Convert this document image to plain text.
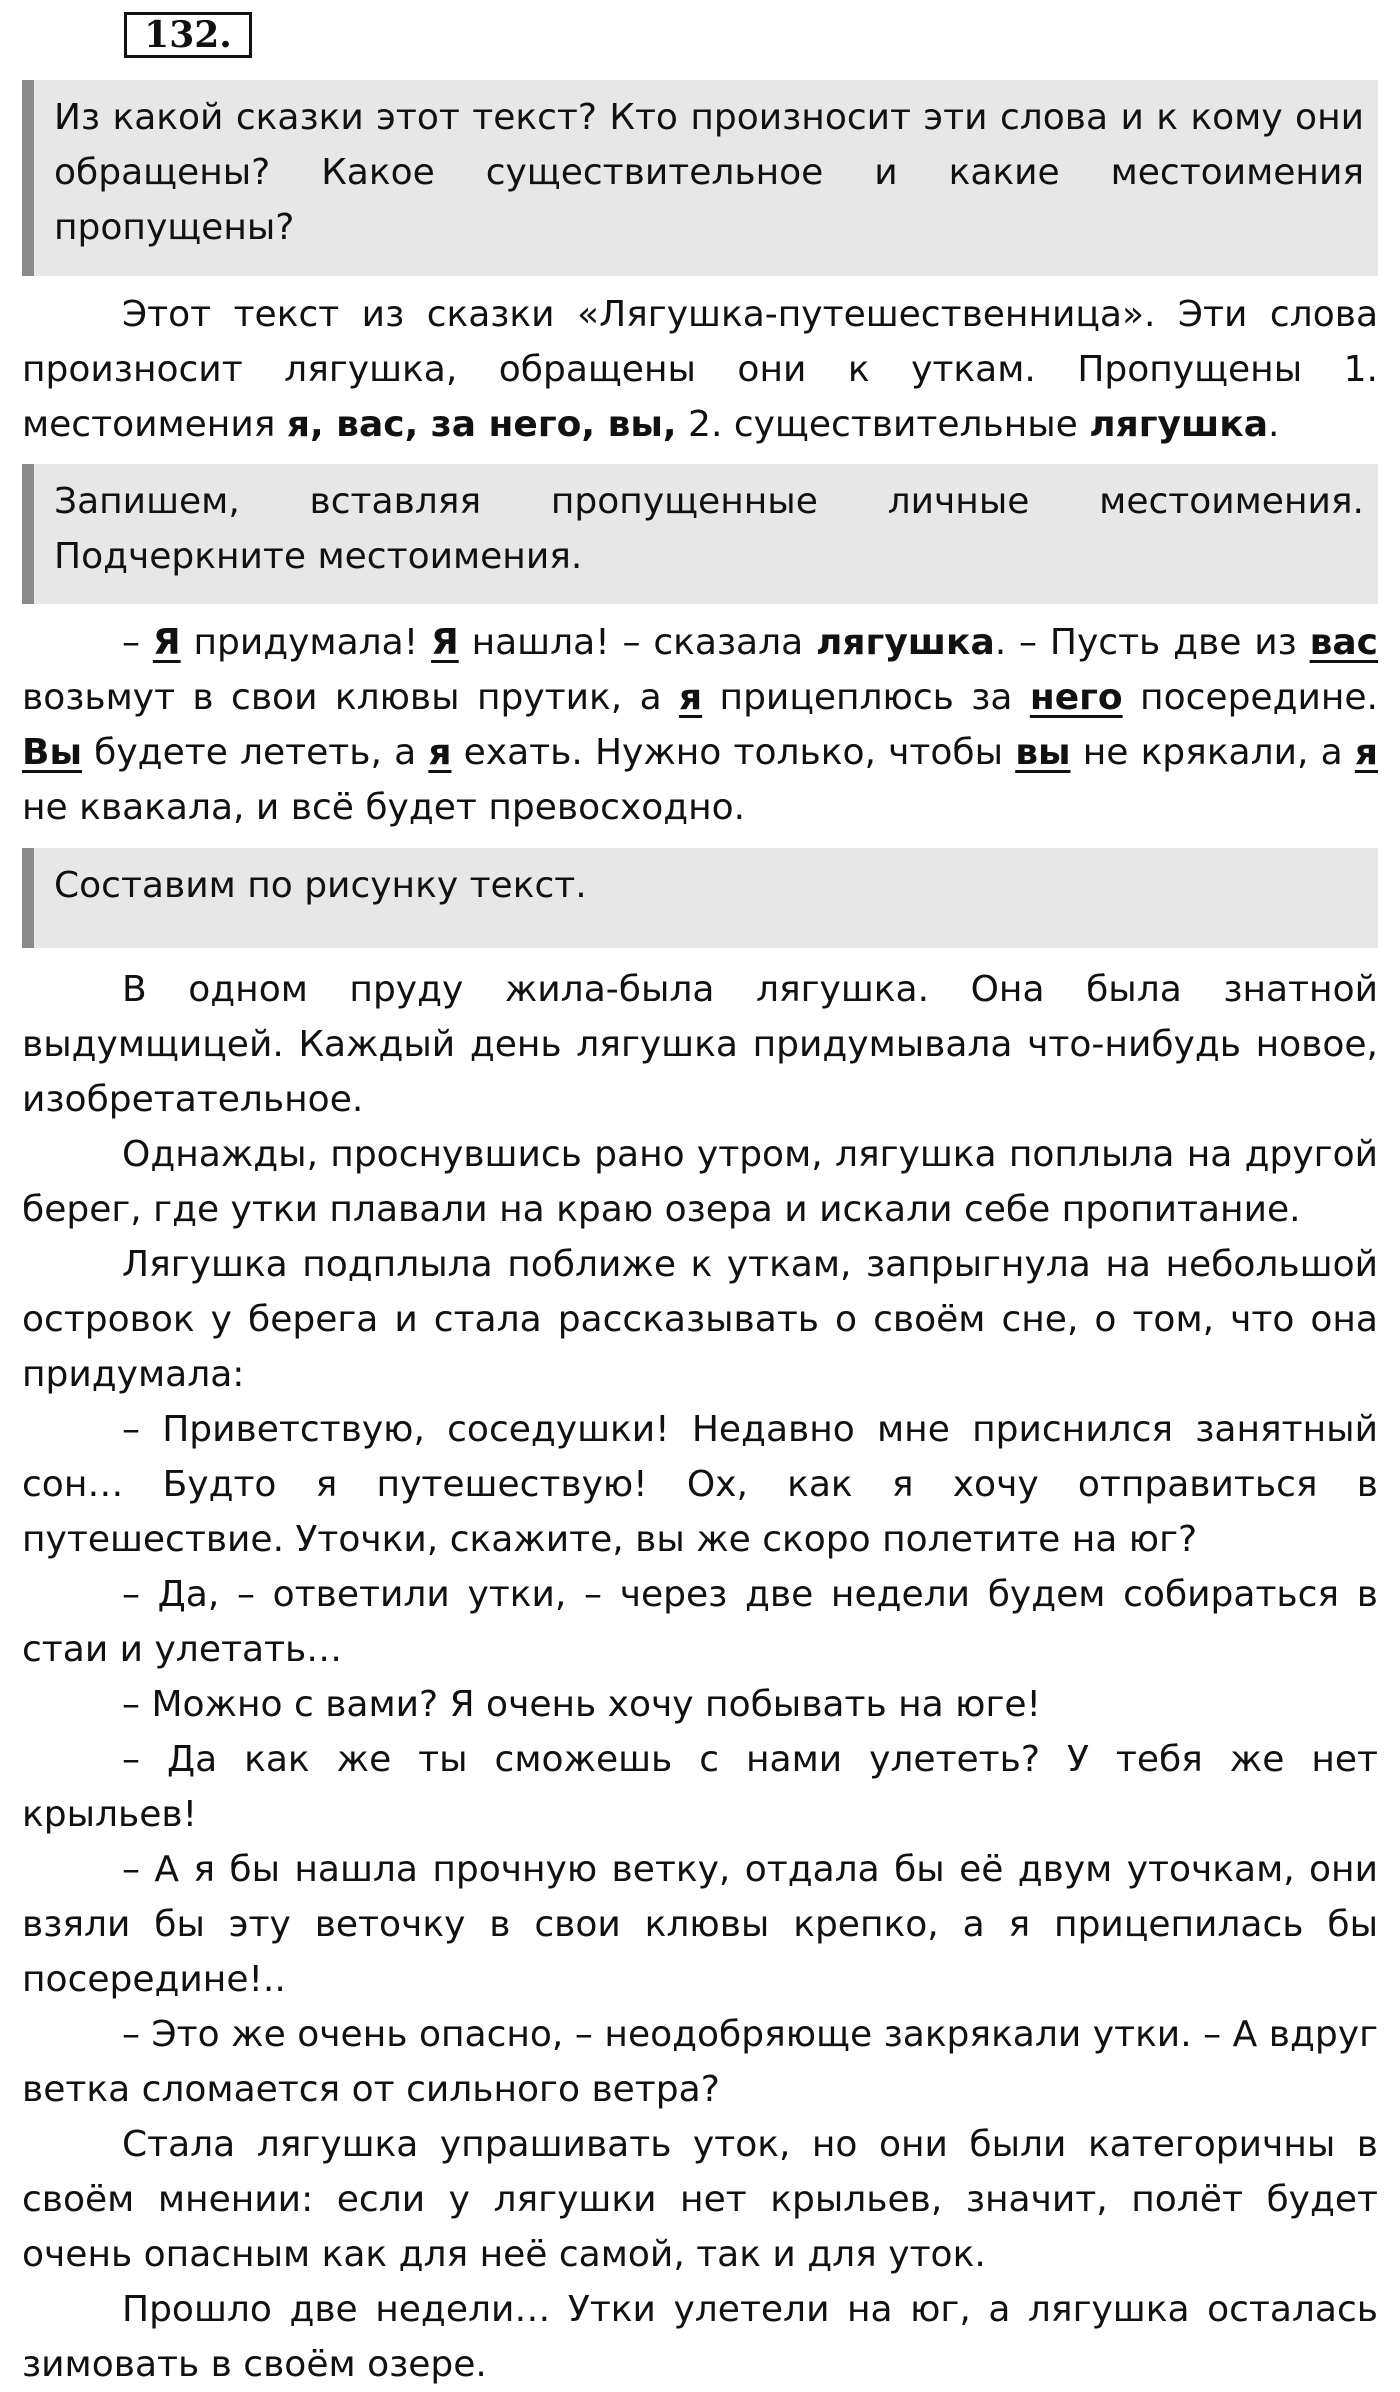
132.

Из какой сказки этот текст? Кто произносит эти слова и к кому они обращены? Какое существительное и какие местоимения пропущены?

Этот текст из сказки «Лягушка-путешественница». Эти слова произносит лягушка, обращены они к уткам. Пропущены 1. местоимения я, вас, за него, вы, 2. существительные лягушка.

Запишем, вставляя пропущенные личные местоимения. Подчеркните местоимения.

– Я придумала! Я нашла! – сказала лягушка. – Пусть две из вас возьмут в свои клювы прутик, а я прицеплюсь за него посередине. Вы будете лететь, а я ехать. Нужно только, чтобы вы не крякали, а я не квакала, и всё будет превосходно.

Составим по рисунку текст.

В одном пруду жила-была лягушка. Она была знатной выдумщицей. Каждый день лягушка придумывала что-нибудь новое, изобретательное.

Однажды, проснувшись рано утром, лягушка поплыла на другой берег, где утки плавали на краю озера и искали себе пропитание.

Лягушка подплыла поближе к уткам, запрыгнула на небольшой островок у берега и стала рассказывать о своём сне, о том, что она придумала:

– Приветствую, соседушки! Недавно мне приснился занятный сон… Будто я путешествую! Ох, как я хочу отправиться в путешествие. Уточки, скажите, вы же скоро полетите на юг?

– Да, – ответили утки, – через две недели будем собираться в стаи и улетать…

– Можно с вами? Я очень хочу побывать на юге!

– Да как же ты сможешь с нами улететь? У тебя же нет крыльев!

– А я бы нашла прочную ветку, отдала бы её двум уточкам, они взяли бы эту веточку в свои клювы крепко, а я прицепилась бы посередине!..

– Это же очень опасно, – неодобряюще закрякали утки. – А вдруг ветка сломается от сильного ветра?

Стала лягушка упрашивать уток, но они были категоричны в своём мнении: если у лягушки нет крыльев, значит, полёт будет очень опасным как для неё самой, так и для уток.

Прошло две недели… Утки улетели на юг, а лягушка осталась зимовать в своём озере.
